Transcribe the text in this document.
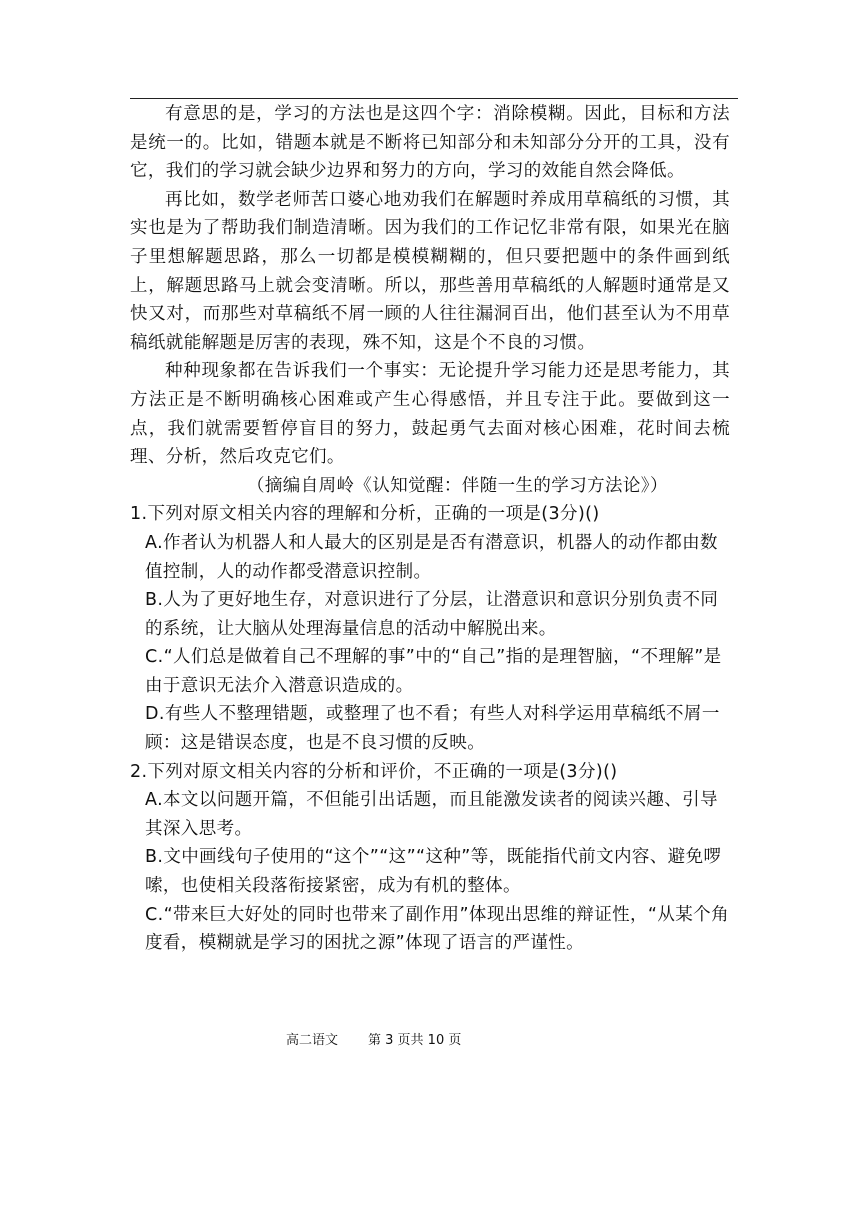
有意思的是，学习的方法也是这四个字：消除模糊。因此，目标和方法是统一的。比如，错题本就是不断将已知部分和未知部分分开的工具，没有它，我们的学习就会缺少边界和努力的方向，学习的效能自然会降低。

再比如，数学老师苦口婆心地劝我们在解题时养成用草稿纸的习惯，其实也是为了帮助我们制造清晰。因为我们的工作记忆非常有限，如果光在脑子里想解题思路，那么一切都是模模糊糊的，但只要把题中的条件画到纸上，解题思路马上就会变清晰。所以，那些善用草稿纸的人解题时通常是又快又对，而那些对草稿纸不屑一顾的人往往漏洞百出，他们甚至认为不用草稿纸就能解题是厉害的表现，殊不知，这是个不良的习惯。

种种现象都在告诉我们一个事实：无论提升学习能力还是思考能力，其方法正是不断明确核心困难或产生心得感悟，并且专注于此。要做到这一点，我们就需要暂停盲目的努力，鼓起勇气去面对核心困难，花时间去梳理、分析，然后攻克它们。

（摘编自周岭《认知觉醒：伴随一生的学习方法论》）

1.下列对原文相关内容的理解和分析，正确的一项是(3分)()

A.作者认为机器人和人最大的区别是是否有潜意识，机器人的动作都由数值控制，人的动作都受潜意识控制。

B.人为了更好地生存，对意识进行了分层，让潜意识和意识分别负责不同的系统，让大脑从处理海量信息的活动中解脱出来。

C.“人们总是做着自己不理解的事”中的“自己”指的是理智脑，“不理解”是由于意识无法介入潜意识造成的。

D.有些人不整理错题，或整理了也不看；有些人对科学运用草稿纸不屑一顾：这是错误态度，也是不良习惯的反映。

2.下列对原文相关内容的分析和评价，不正确的一项是(3分)()

A.本文以问题开篇，不但能引出话题，而且能激发读者的阅读兴趣、引导其深入思考。

B.文中画线句子使用的“这个”“这”“这种”等，既能指代前文内容、避免啰嗦，也使相关段落衔接紧密，成为有机的整体。

C.“带来巨大好处的同时也带来了副作用”体现出思维的辩证性，“从某个角度看，模糊就是学习的困扰之源”体现了语言的严谨性。

高二语文 第 3 页共 10 页
